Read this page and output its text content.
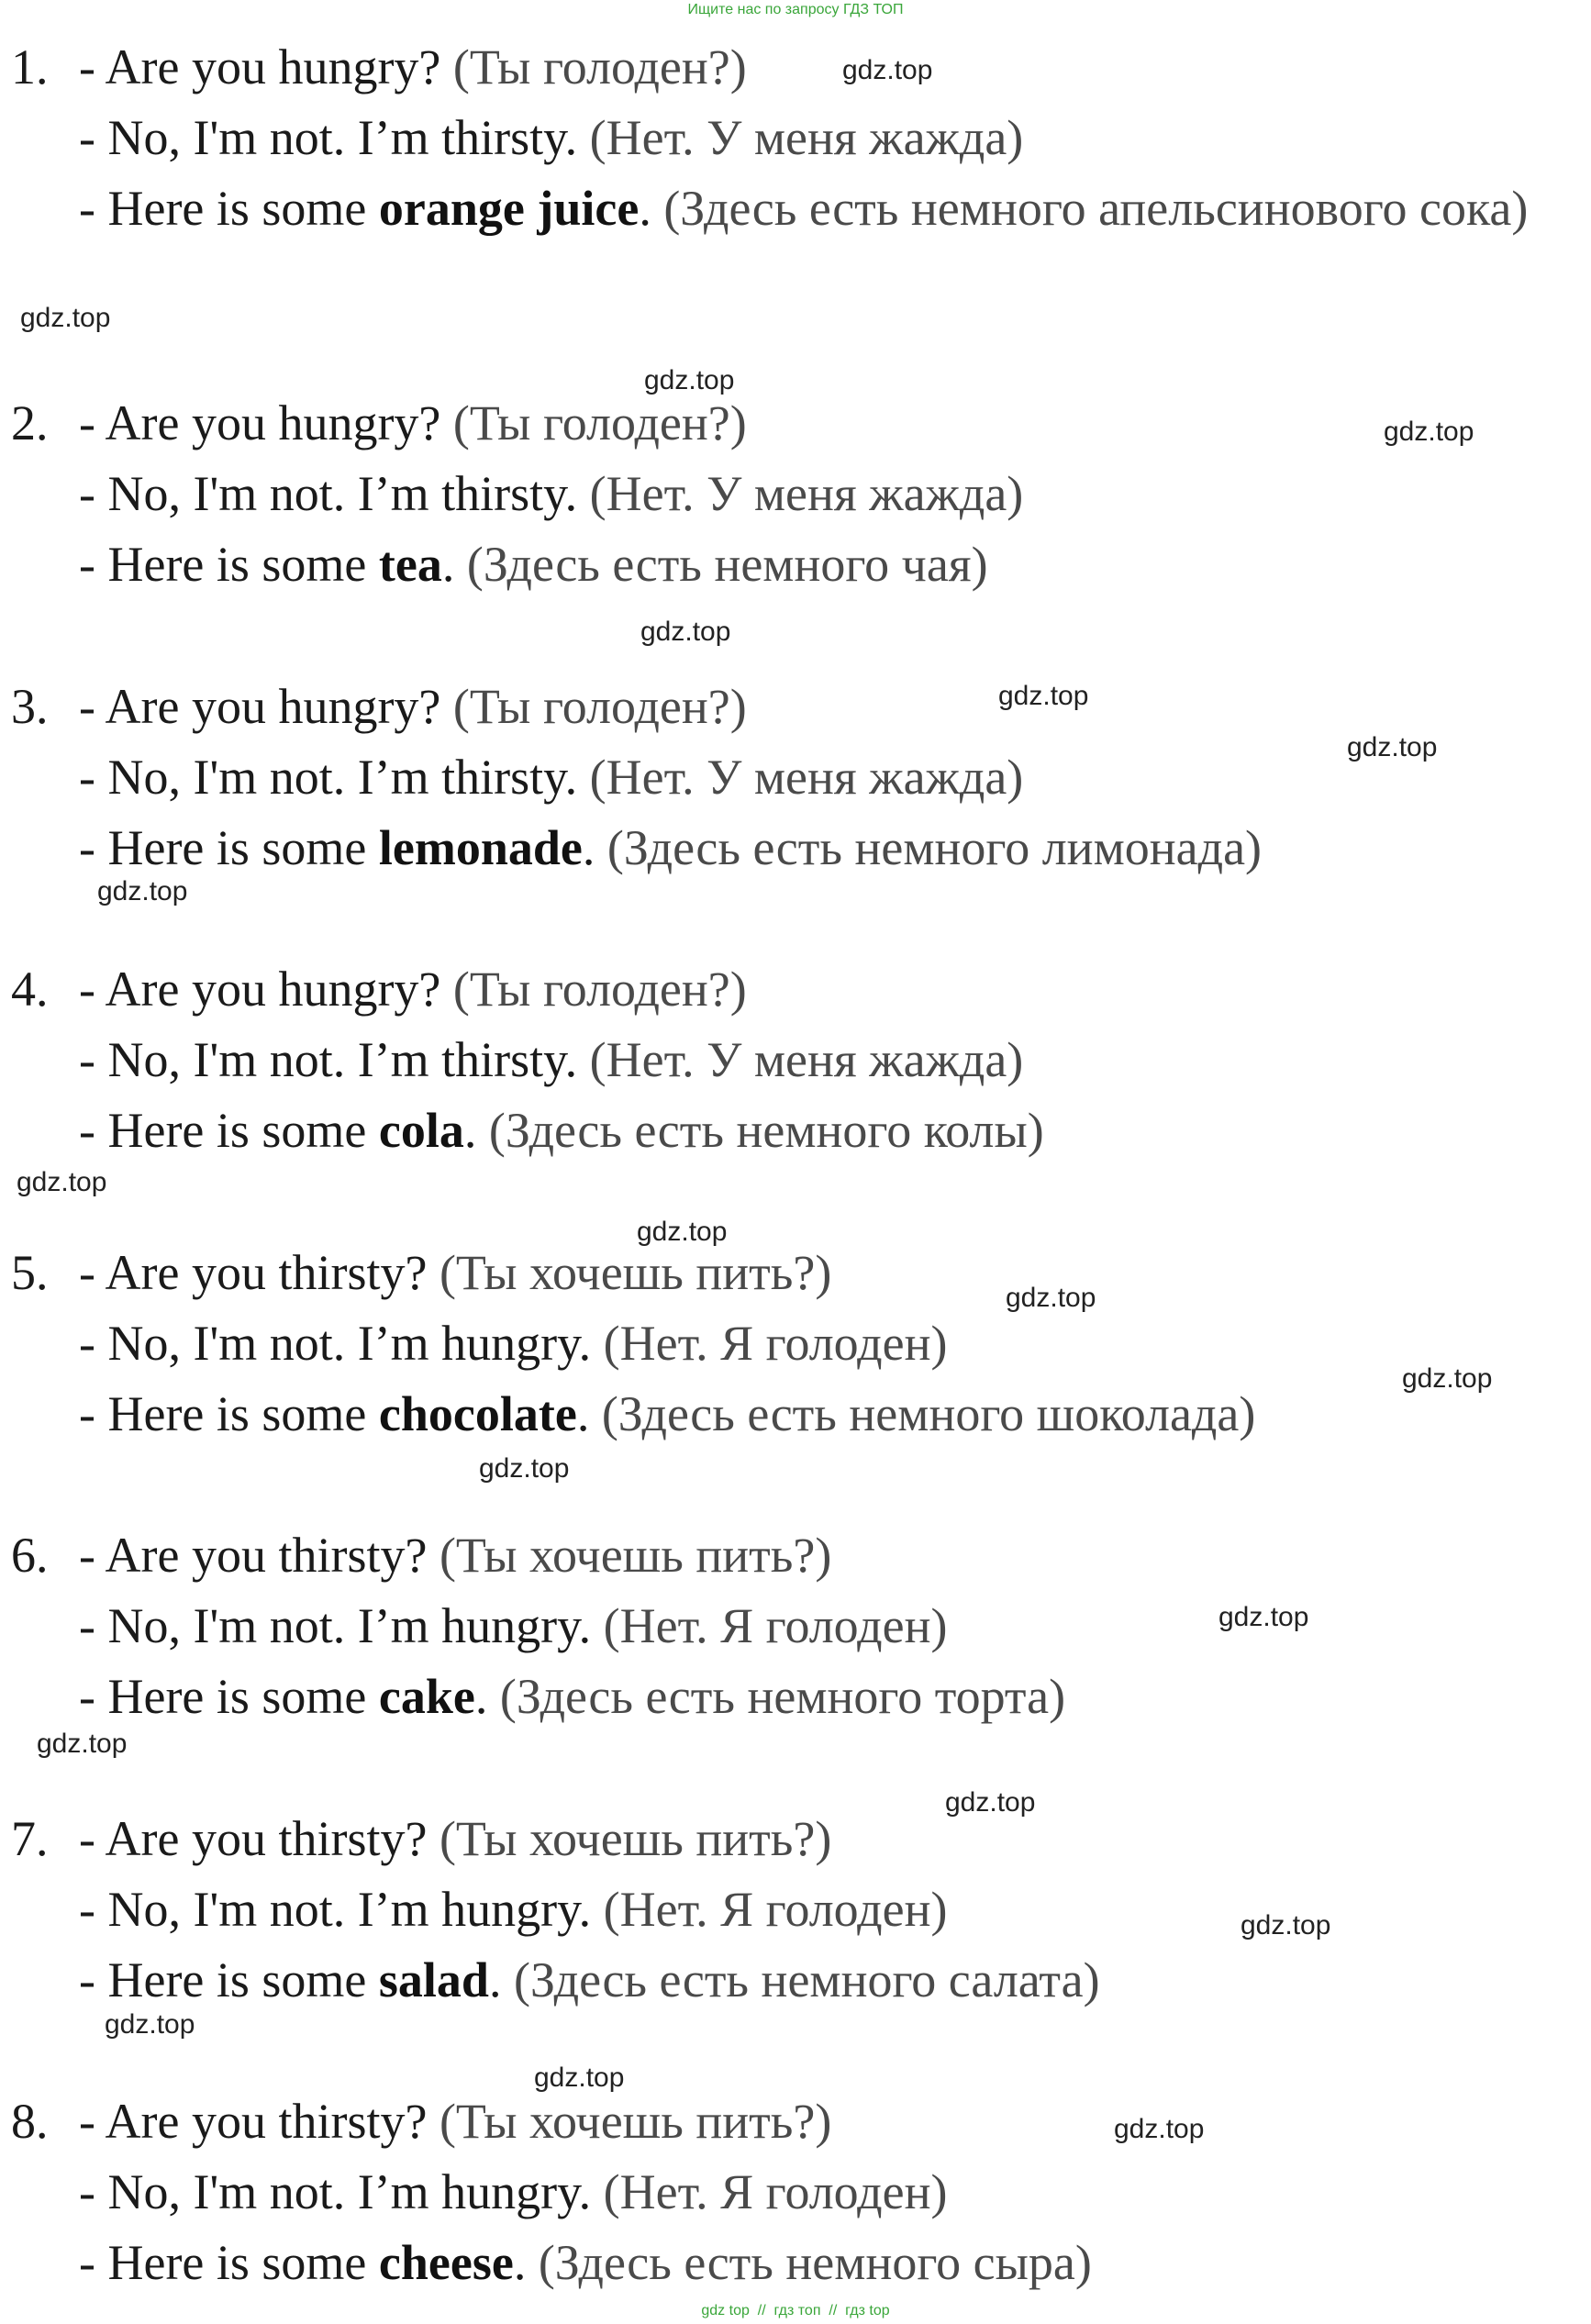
Ищите нас по запросу ГДЗ ТОП
1. - Are you hungry? (Ты голоден?)
- No, I'm not. I’m thirsty. (Нет. У меня жажда)
- Here is some orange juice. (Здесь есть немного апельсинового сока)
2. - Are you hungry? (Ты голоден?)
- No, I'm not. I’m thirsty. (Нет. У меня жажда)
- Here is some tea. (Здесь есть немного чая)
3. - Are you hungry? (Ты голоден?)
- No, I'm not. I’m thirsty. (Нет. У меня жажда)
- Here is some lemonade. (Здесь есть немного лимонада)
4. - Are you hungry? (Ты голоден?)
- No, I'm not. I’m thirsty. (Нет. У меня жажда)
- Here is some cola. (Здесь есть немного колы)
5. - Are you thirsty? (Ты хочешь пить?)
- No, I'm not. I’m hungry. (Нет. Я голоден)
- Here is some chocolate. (Здесь есть немного шоколада)
6. - Are you thirsty? (Ты хочешь пить?)
- No, I'm not. I’m hungry. (Нет. Я голоден)
- Here is some cake. (Здесь есть немного торта)
7. - Are you thirsty? (Ты хочешь пить?)
- No, I'm not. I’m hungry. (Нет. Я голоден)
- Here is some salad. (Здесь есть немного салата)
8. - Are you thirsty? (Ты хочешь пить?)
- No, I'm not. I’m hungry. (Нет. Я голоден)
- Here is some cheese. (Здесь есть немного сыра)
gdz.top
gdz.top
gdz.top
gdz.top
gdz.top
gdz.top
gdz.top
gdz.top
gdz.top
gdz.top
gdz.top
gdz.top
gdz.top
gdz.top
gdz.top
gdz.top
gdz.top
gdz.top
gdz.top
gdz.top
gdz top  //  гдз топ  //  гдз top
